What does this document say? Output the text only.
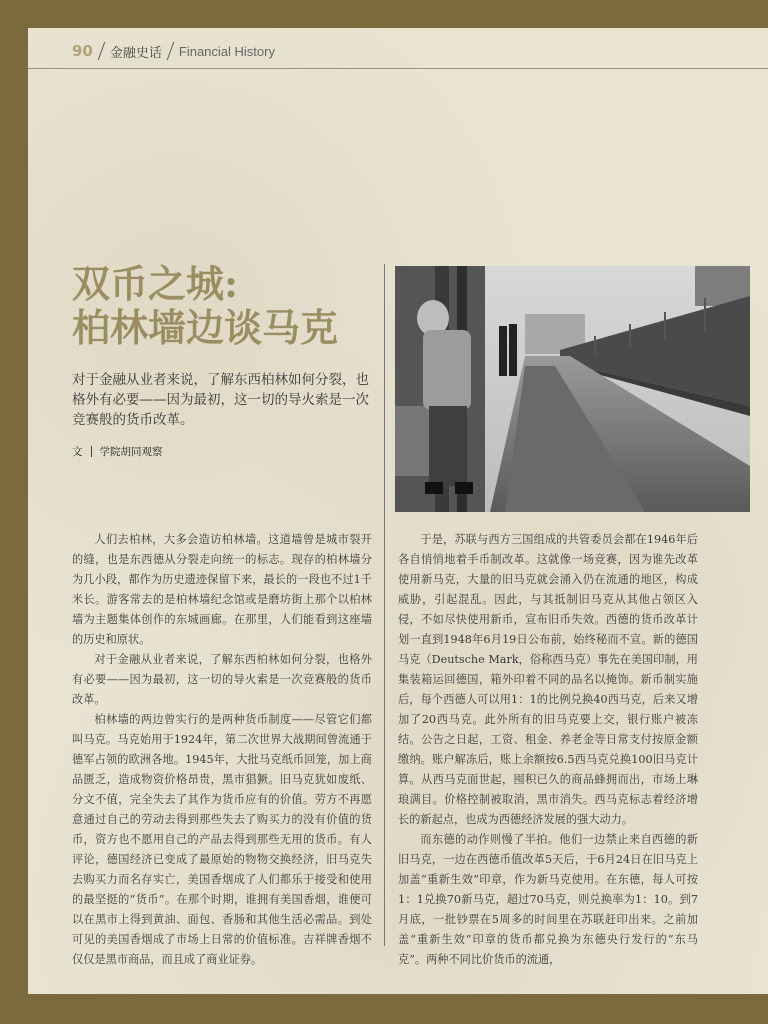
90 金融史话 Financial History
双币之城:
柏林墙边谈马克
对于金融从业者来说，了解东西柏林如何分裂，也格外有必要——因为最初，这一切的导火索是一次竞赛般的货币改革。
文 学院胡同观察

人们去柏林，大多会造访柏林墙。这道墙曾是城市裂开的缝，也是东西德从分裂走向统一的标志。现存的柏林墙分为几小段，都作为历史遗迹保留下来，最长的一段也不过1千米长。游客常去的是柏林墙纪念馆或是磨坊街上那个以柏林墙为主题集体创作的东城画廊。在那里，人们能看到这座墙的历史和原状。

对于金融从业者来说，了解东西柏林如何分裂，也格外有必要——因为最初，这一切的导火索是一次竞赛般的货币改革。

柏林墙的两边曾实行的是两种货币制度——尽管它们都叫马克。马克始用于1924年，第二次世界大战期间曾流通于德军占领的欧洲各地。1945年，大批马克纸币回笼，加上商品匮乏，造成物资价格昂贵，黑市猖獗。旧马克犹如废纸、分文不值，完全失去了其作为货币应有的价值。劳方不再愿意通过自己的劳动去得到那些失去了购买力的没有价值的货币，资方也不愿用自己的产品去得到那些无用的货币。有人评论，德国经济已变成了最原始的物物交换经济，旧马克失去购买力而名存实亡，美国香烟成了人们都乐于接受和使用的最坚挺的“货币”。在那个时期，谁拥有美国香烟，谁便可以在黑市上得到黄油、面包、香肠和其他生活必需品。到处可见的美国香烟成了市场上日常的价值标准。吉祥牌香烟不仅仅是黑市商品，而且成了商业证券。

于是，苏联与西方三国组成的共管委员会都在1946年后各自悄悄地着手币制改革。这就像一场竞赛，因为谁先改革使用新马克，大量的旧马克就会涌入仍在流通的地区，构成威胁，引起混乱。因此，与其抵制旧马克从其他占领区入侵，不如尽快使用新币，宣布旧币失效。西德的货币改革计划一直到1948年6月19日公布前，始终秘而不宣。新的德国马克（Deutsche Mark，俗称西马克）事先在美国印制，用集装箱运回德国，箱外印着不同的品名以掩饰。新币制实施后，每个西德人可以用1：1的比例兑换40西马克，后来又增加了20西马克。此外所有的旧马克要上交，银行账户被冻结。公告之日起，工资、租金、养老金等日常支付按原金额缴纳。账户解冻后，账上余额按6.5西马克兑换100旧马克计算。从西马克面世起，囤积已久的商品蜂拥而出，市场上琳琅满目。价格控制被取消，黑市消失。西马克标志着经济增长的新起点，也成为西德经济发展的强大动力。

而东德的动作则慢了半拍。他们一边禁止来自西德的新旧马克，一边在西德币值改革5天后，于6月24日在旧马克上加盖“重新生效”印章，作为新马克使用。在东德，每人可按1：1兑换70新马克，超过70马克，则兑换率为1：10。到7月底，一批钞票在5周多的时间里在苏联赶印出来。之前加盖“重新生效”印章的货币都兑换为东德央行发行的“东马克”。两种不同比价货币的流通，
